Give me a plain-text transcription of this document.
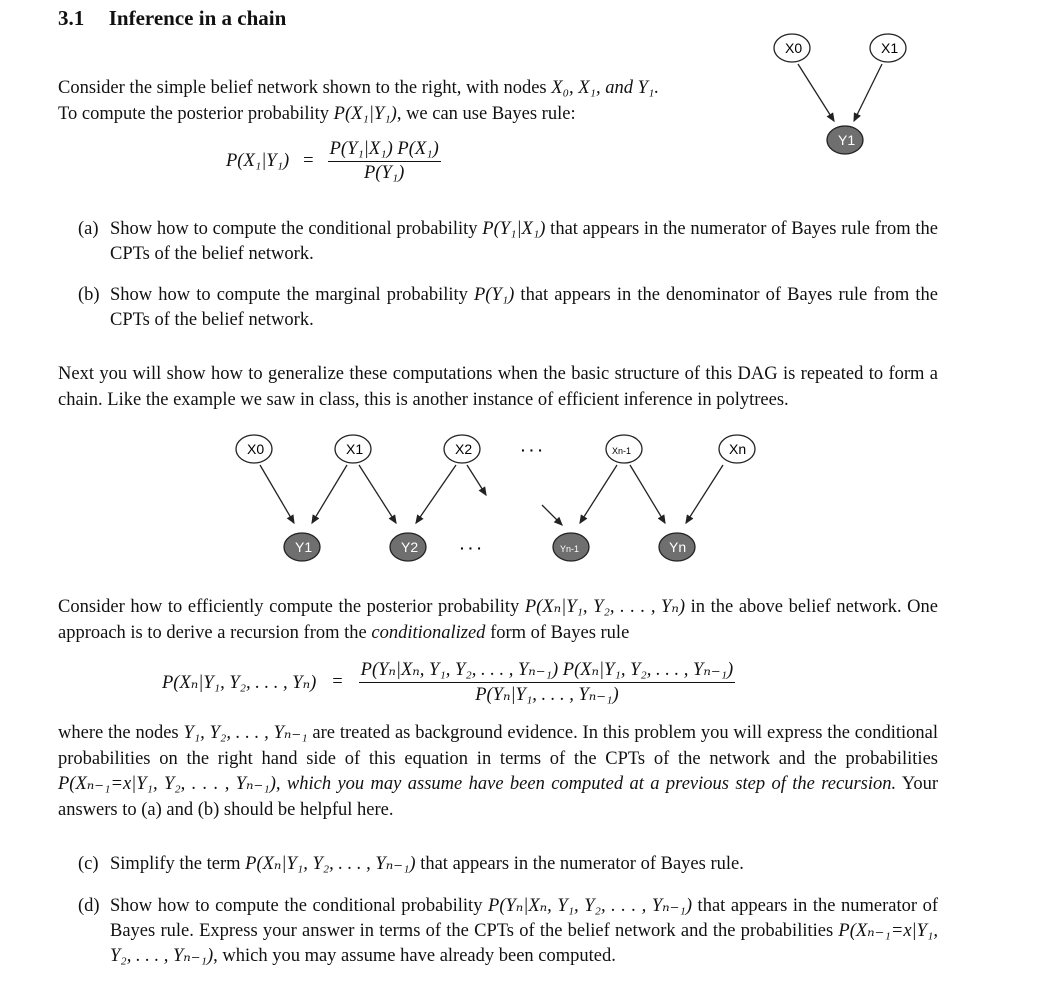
3.1 Inference in a chain

Consider the simple belief network shown to the right, with nodes X₀, X₁, and Y₁.

To compute the posterior probability P(X₁|Y₁), we can use Bayes rule:

$P(X_1|Y_1) = \frac{\text{P(Y₁|X₁) P(X₁)}}{\text{P(Y₁)}}$
X0	X1
Y1
(a) Show how to compute the conditional probability P(Y₁|X₁) that appears in the numerator of Bayes rule from the CPTs of the belief network.
(b) Show how to compute the marginal probability P(Y₁) that appears in the denominator of Bayes rule from the CPTs of the belief network.

Next you will show how to generalize these computations when the basic structure of this DAG is repeated to form a chain. Like the example we saw in class, this is another instance of efficient inference in polytrees.

X0	X1	X2	· · ·	Xn-1	Xn
Y1	Y2	· · ·	Yn-1	Yn

Consider how to efficiently compute the posterior probability P(Xₙ|Y₁, Y₂, . . . , Yₙ) in the above belief network. One approach is to derive a recursion from the conditionalized form of Bayes rule

P(Xₙ|Y₁, Y₂, . . . , $Y_n) = \frac{\text{P(Yₙ|Xₙ, Y₁, Y₂, . . . , Yₙ₋₁) P(Xₙ|Y₁, Y₂, . . . , Yₙ₋₁)}}{\text{P(Yₙ|Y₁, . . . , Yₙ₋₁)}}$

where the nodes Y₁, Y₂, . . . , Yₙ₋₁ are treated as background evidence. In this problem you will express the conditional probabilities on the right hand side of this equation in terms of the CPTs of the network and the probabilities P(Xₙ₋₁=x|Y₁, Y₂, . . . , Yₙ₋₁), which you may assume have been computed at a previous step of the recursion. Your answers to (a) and (b) should be helpful here.

(c) Simplify the term P(Xₙ|Y₁, Y₂, . . . , Yₙ₋₁) that appears in the numerator of Bayes rule.
(d) Show how to compute the conditional probability P(Yₙ|Xₙ, Y₁, Y₂, . . . , Yₙ₋₁) that appears in the numerator of Bayes rule. Express your answer in terms of the CPTs of the belief network and the probabilities P(Xₙ₋₁=x|Y₁, Y₂, . . . , Yₙ₋₁), which you may assume have already been computed.
